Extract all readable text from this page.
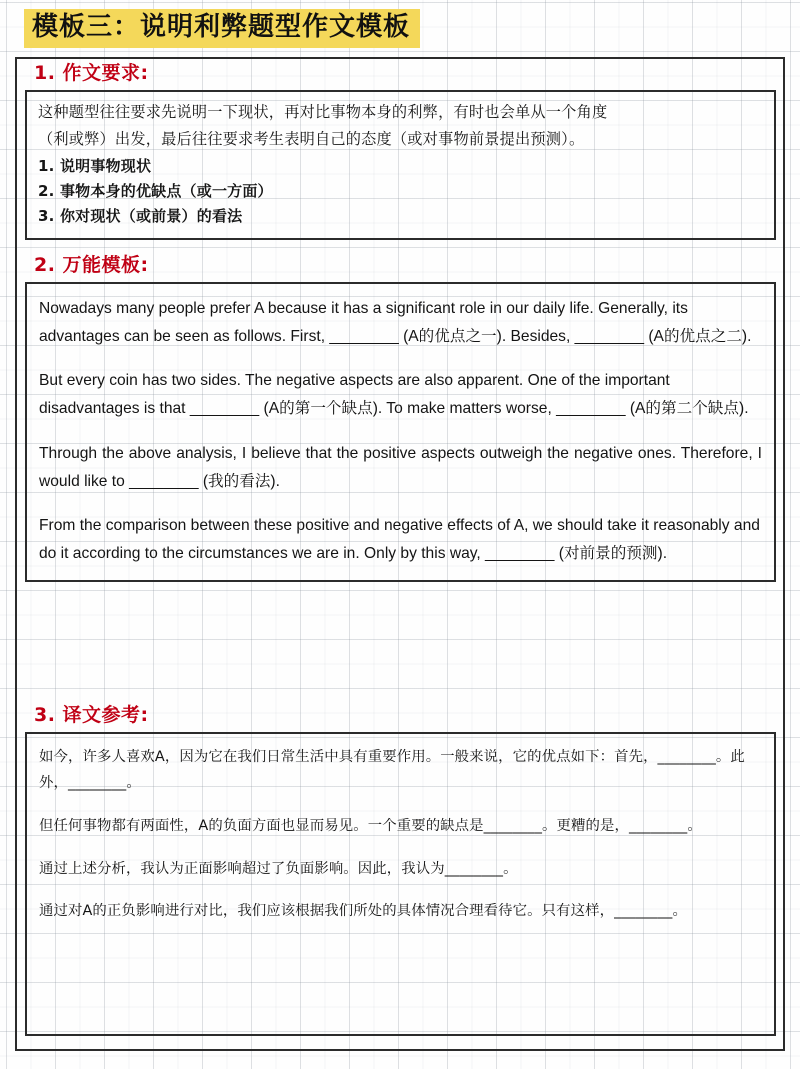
模板三：说明利弊题型作文模板
1. 作文要求:

这种题型往往要求先说明一下现状，再对比事物本身的利弊，有时也会单从一个角度

（利或弊）出发，最后往往要求考生表明自己的态度（或对事物前景提出预测）。

1. 说明事物现状

2. 事物本身的优缺点（或一方面）

3. 你对现状（或前景）的看法

2. 万能模板:

Nowadays many people prefer A because it has a significant role in our daily life. Generally, its advantages can be seen as follows. First, ________ (A的优点之一). Besides, ________ (A的优点之二).

But every coin has two sides. The negative aspects are also apparent. One of the important disadvantages is that ________ (A的第一个缺点). To make matters worse, ________ (A的第二个缺点).

Through the above analysis, I believe that the positive aspects outweigh the negative ones. Therefore, I would like to ________ (我的看法).

From the comparison between these positive and negative effects of A, we should take it reasonably and do it according to the circumstances we are in. Only by this way, ________ (对前景的预测).

3. 译文参考:

如今，许多人喜欢A，因为它在我们日常生活中具有重要作用。一般来说，它的优点如下：首先，________。此外，________。

但任何事物都有两面性，A的负面方面也显而易见。一个重要的缺点是________。更糟的是，________。

通过上述分析，我认为正面影响超过了负面影响。因此，我认为________。

通过对A的正负影响进行对比，我们应该根据我们所处的具体情况合理看待它。只有这样，________。
